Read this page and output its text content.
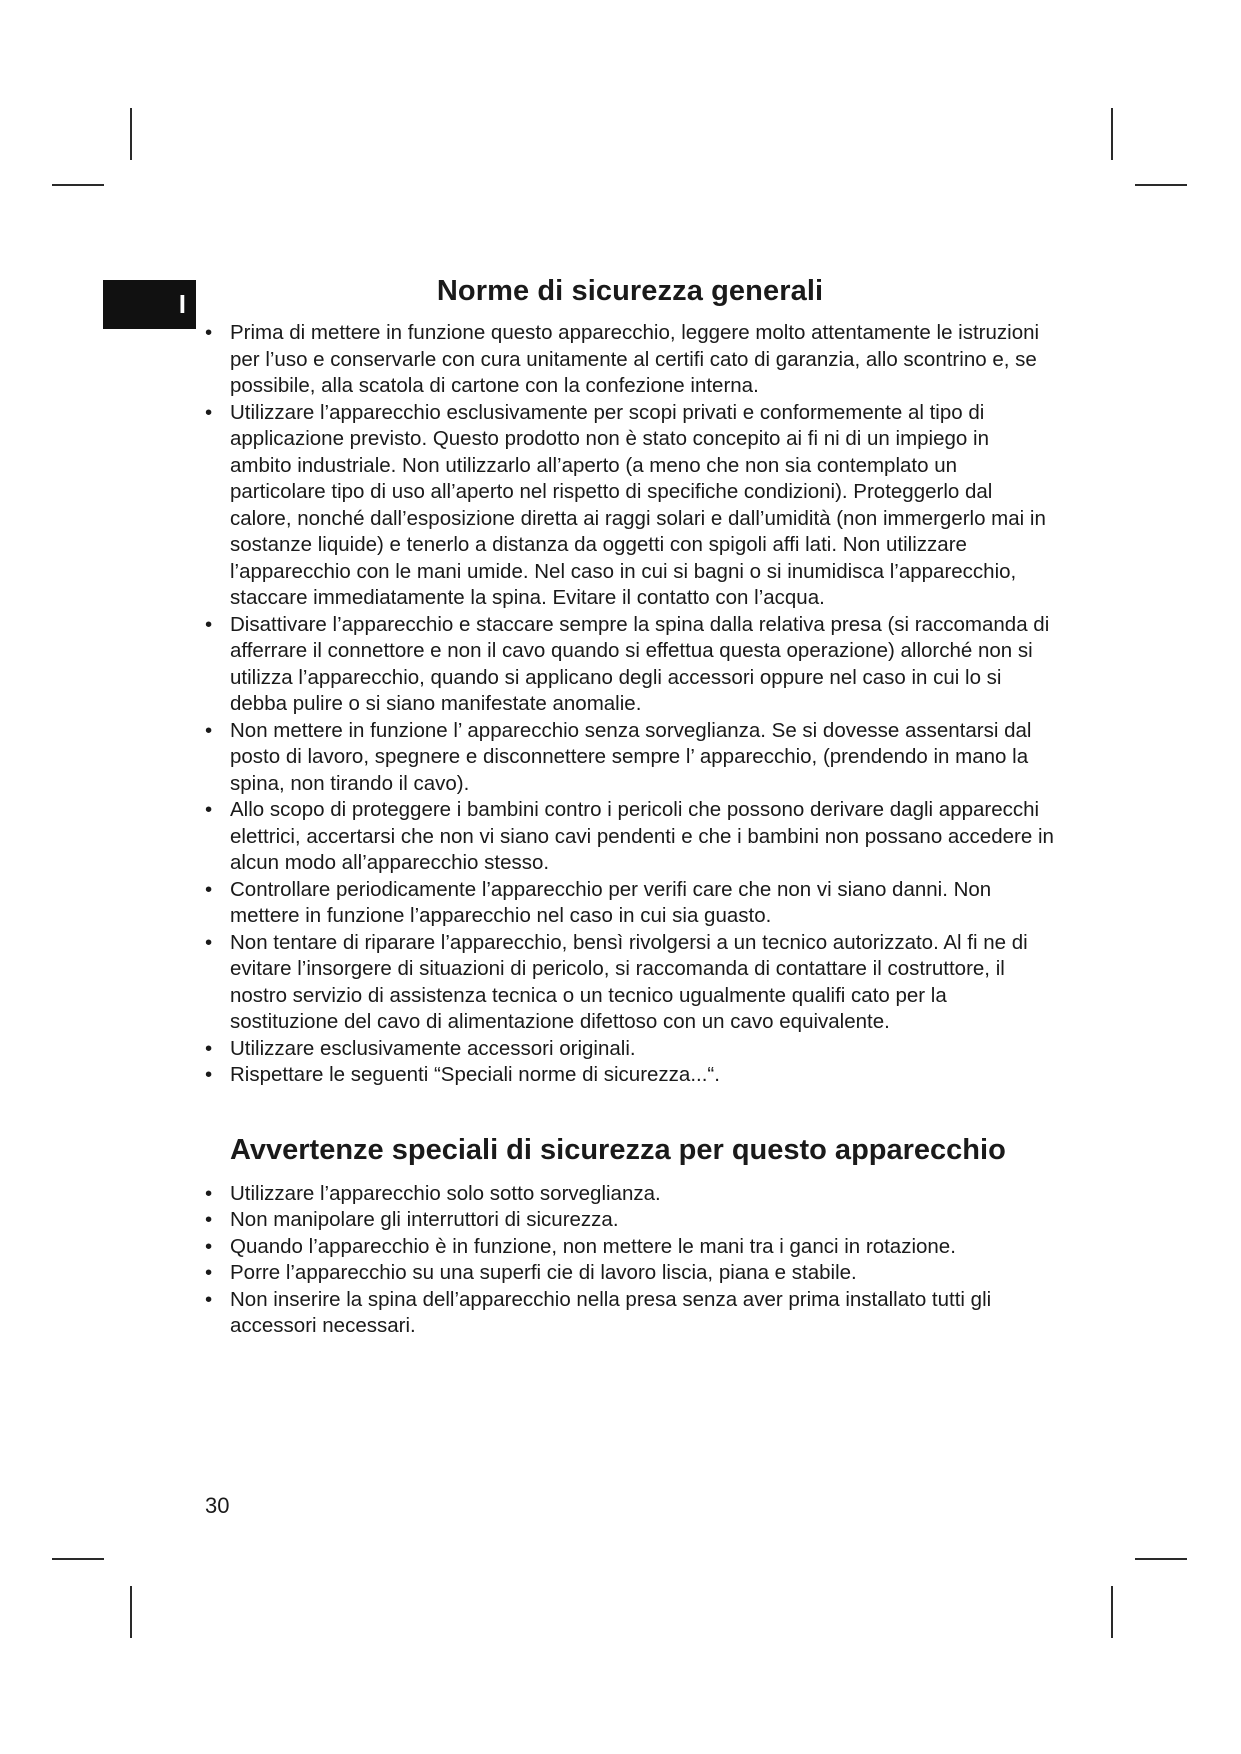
I	Norme di sicurezza generali
• Prima di mettere in funzione questo apparecchio, leggere molto attentamente le istruzioni per l’uso e conservarle con cura unitamente al certifi cato di garanzia, allo scontrino e, se possibile, alla scatola di cartone con la confezione interna.
• Utilizzare l’apparecchio esclusivamente per scopi privati e conformemente al tipo di applicazione previsto. Questo prodotto non è stato concepito ai fi ni di un impiego in ambito industriale. Non utilizzarlo all’aperto (a meno che non sia contemplato un particolare tipo di uso all’aperto nel rispetto di specifiche condizioni). Proteggerlo dal calore, nonché dall’esposizione diretta ai raggi solari e dall’umidità (non immergerlo mai in sostanze liquide) e tenerlo a distanza da oggetti con spigoli affi lati. Non utilizzare l’apparecchio con le mani umide. Nel caso in cui si bagni o si inumidisca l’apparecchio, staccare immediatamente la spina. Evitare il contatto con l’acqua.
• Disattivare l’apparecchio e staccare sempre la spina dalla relativa presa (si raccomanda di afferrare il connettore e non il cavo quando si effettua questa operazione) allorché non si utilizza l’apparecchio, quando si applicano degli accessori oppure nel caso in cui lo si debba pulire o si siano manifestate anomalie.
• Non mettere in funzione l’ apparecchio senza sorveglianza. Se si dovesse assentarsi dal posto di lavoro, spegnere e disconnettere sempre l’ apparecchio, (prendendo in mano la spina, non tirando il cavo).
• Allo scopo di proteggere i bambini contro i pericoli che possono derivare dagli apparecchi elettrici, accertarsi che non vi siano cavi pendenti e che i bambini non possano accedere in alcun modo all’apparecchio stesso.
• Controllare periodicamente l’apparecchio per verifi care che non vi siano danni. Non mettere in funzione l’apparecchio nel caso in cui sia guasto.
• Non tentare di riparare l’apparecchio, bensì rivolgersi a un tecnico autorizzato. Al fi ne di evitare l’insorgere di situazioni di pericolo, si raccomanda di contattare il costruttore, il nostro servizio di assistenza tecnica o un tecnico ugualmente qualifi cato per la sostituzione del cavo di alimentazione difettoso con un cavo equivalente.
• Utilizzare esclusivamente accessori originali.
• Rispettare le seguenti “Speciali norme di sicurezza...“.
Avvertenze speciali di sicurezza per questo apparecchio
• Utilizzare l’apparecchio solo sotto sorveglianza.
• Non manipolare gli interruttori di sicurezza.
• Quando l’apparecchio è in funzione, non mettere le mani tra i ganci in rotazione.
• Porre l’apparecchio su una superfi cie di lavoro liscia, piana e stabile.
• Non inserire la spina dell’apparecchio nella presa senza aver prima installato tutti gli accessori necessari.
30
